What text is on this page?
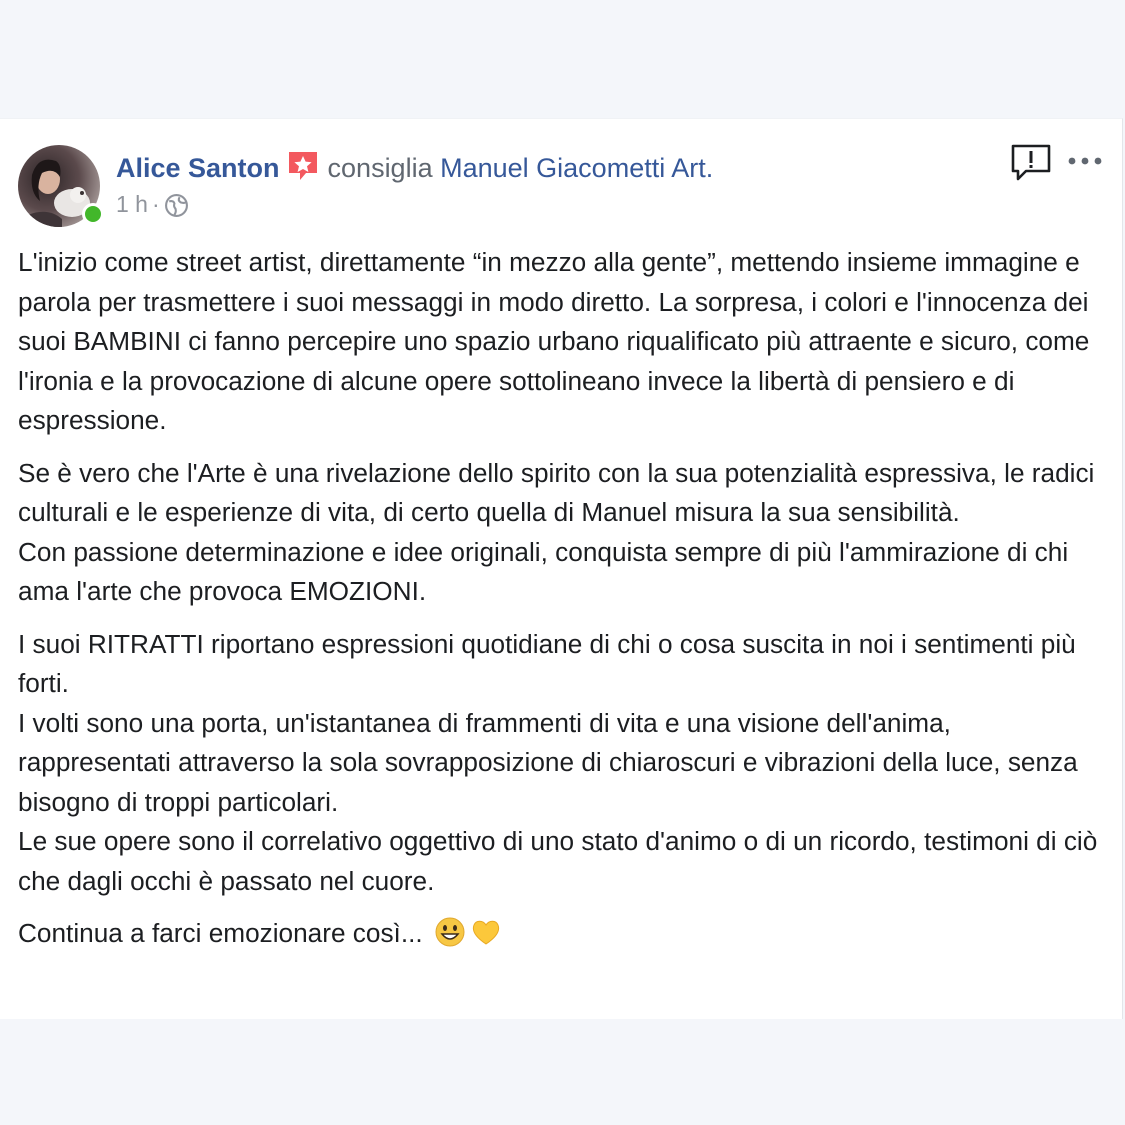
Alice Santon consiglia Manuel Giacometti Art.
1 h ·

L'inizio come street artist, direttamente “in mezzo alla gente”, mettendo insieme immagine e parola per trasmettere i suoi messaggi in modo diretto. La sorpresa, i colori e l'innocenza dei suoi BAMBINI ci fanno percepire uno spazio urbano riqualificato più attraente e sicuro, come l'ironia e la provocazione di alcune opere sottolineano invece la libertà di pensiero e di espressione.

Se è vero che l'Arte è una rivelazione dello spirito con la sua potenzialità espressiva, le radici culturali e le esperienze di vita, di certo quella di Manuel misura la sua sensibilità.
Con passione determinazione e idee originali, conquista sempre di più l'ammirazione di chi ama l'arte che provoca EMOZIONI.

I suoi RITRATTI riportano espressioni quotidiane di chi o cosa suscita in noi i sentimenti più forti.
I volti sono una porta, un'istantanea di frammenti di vita e una visione dell'anima, rappresentati attraverso la sola sovrapposizione di chiaroscuri e vibrazioni della luce, senza bisogno di troppi particolari.
Le sue opere sono il correlativo oggettivo di uno stato d'animo o di un ricordo, testimoni di ciò che dagli occhi è passato nel cuore.

Continua a farci emozionare così...
